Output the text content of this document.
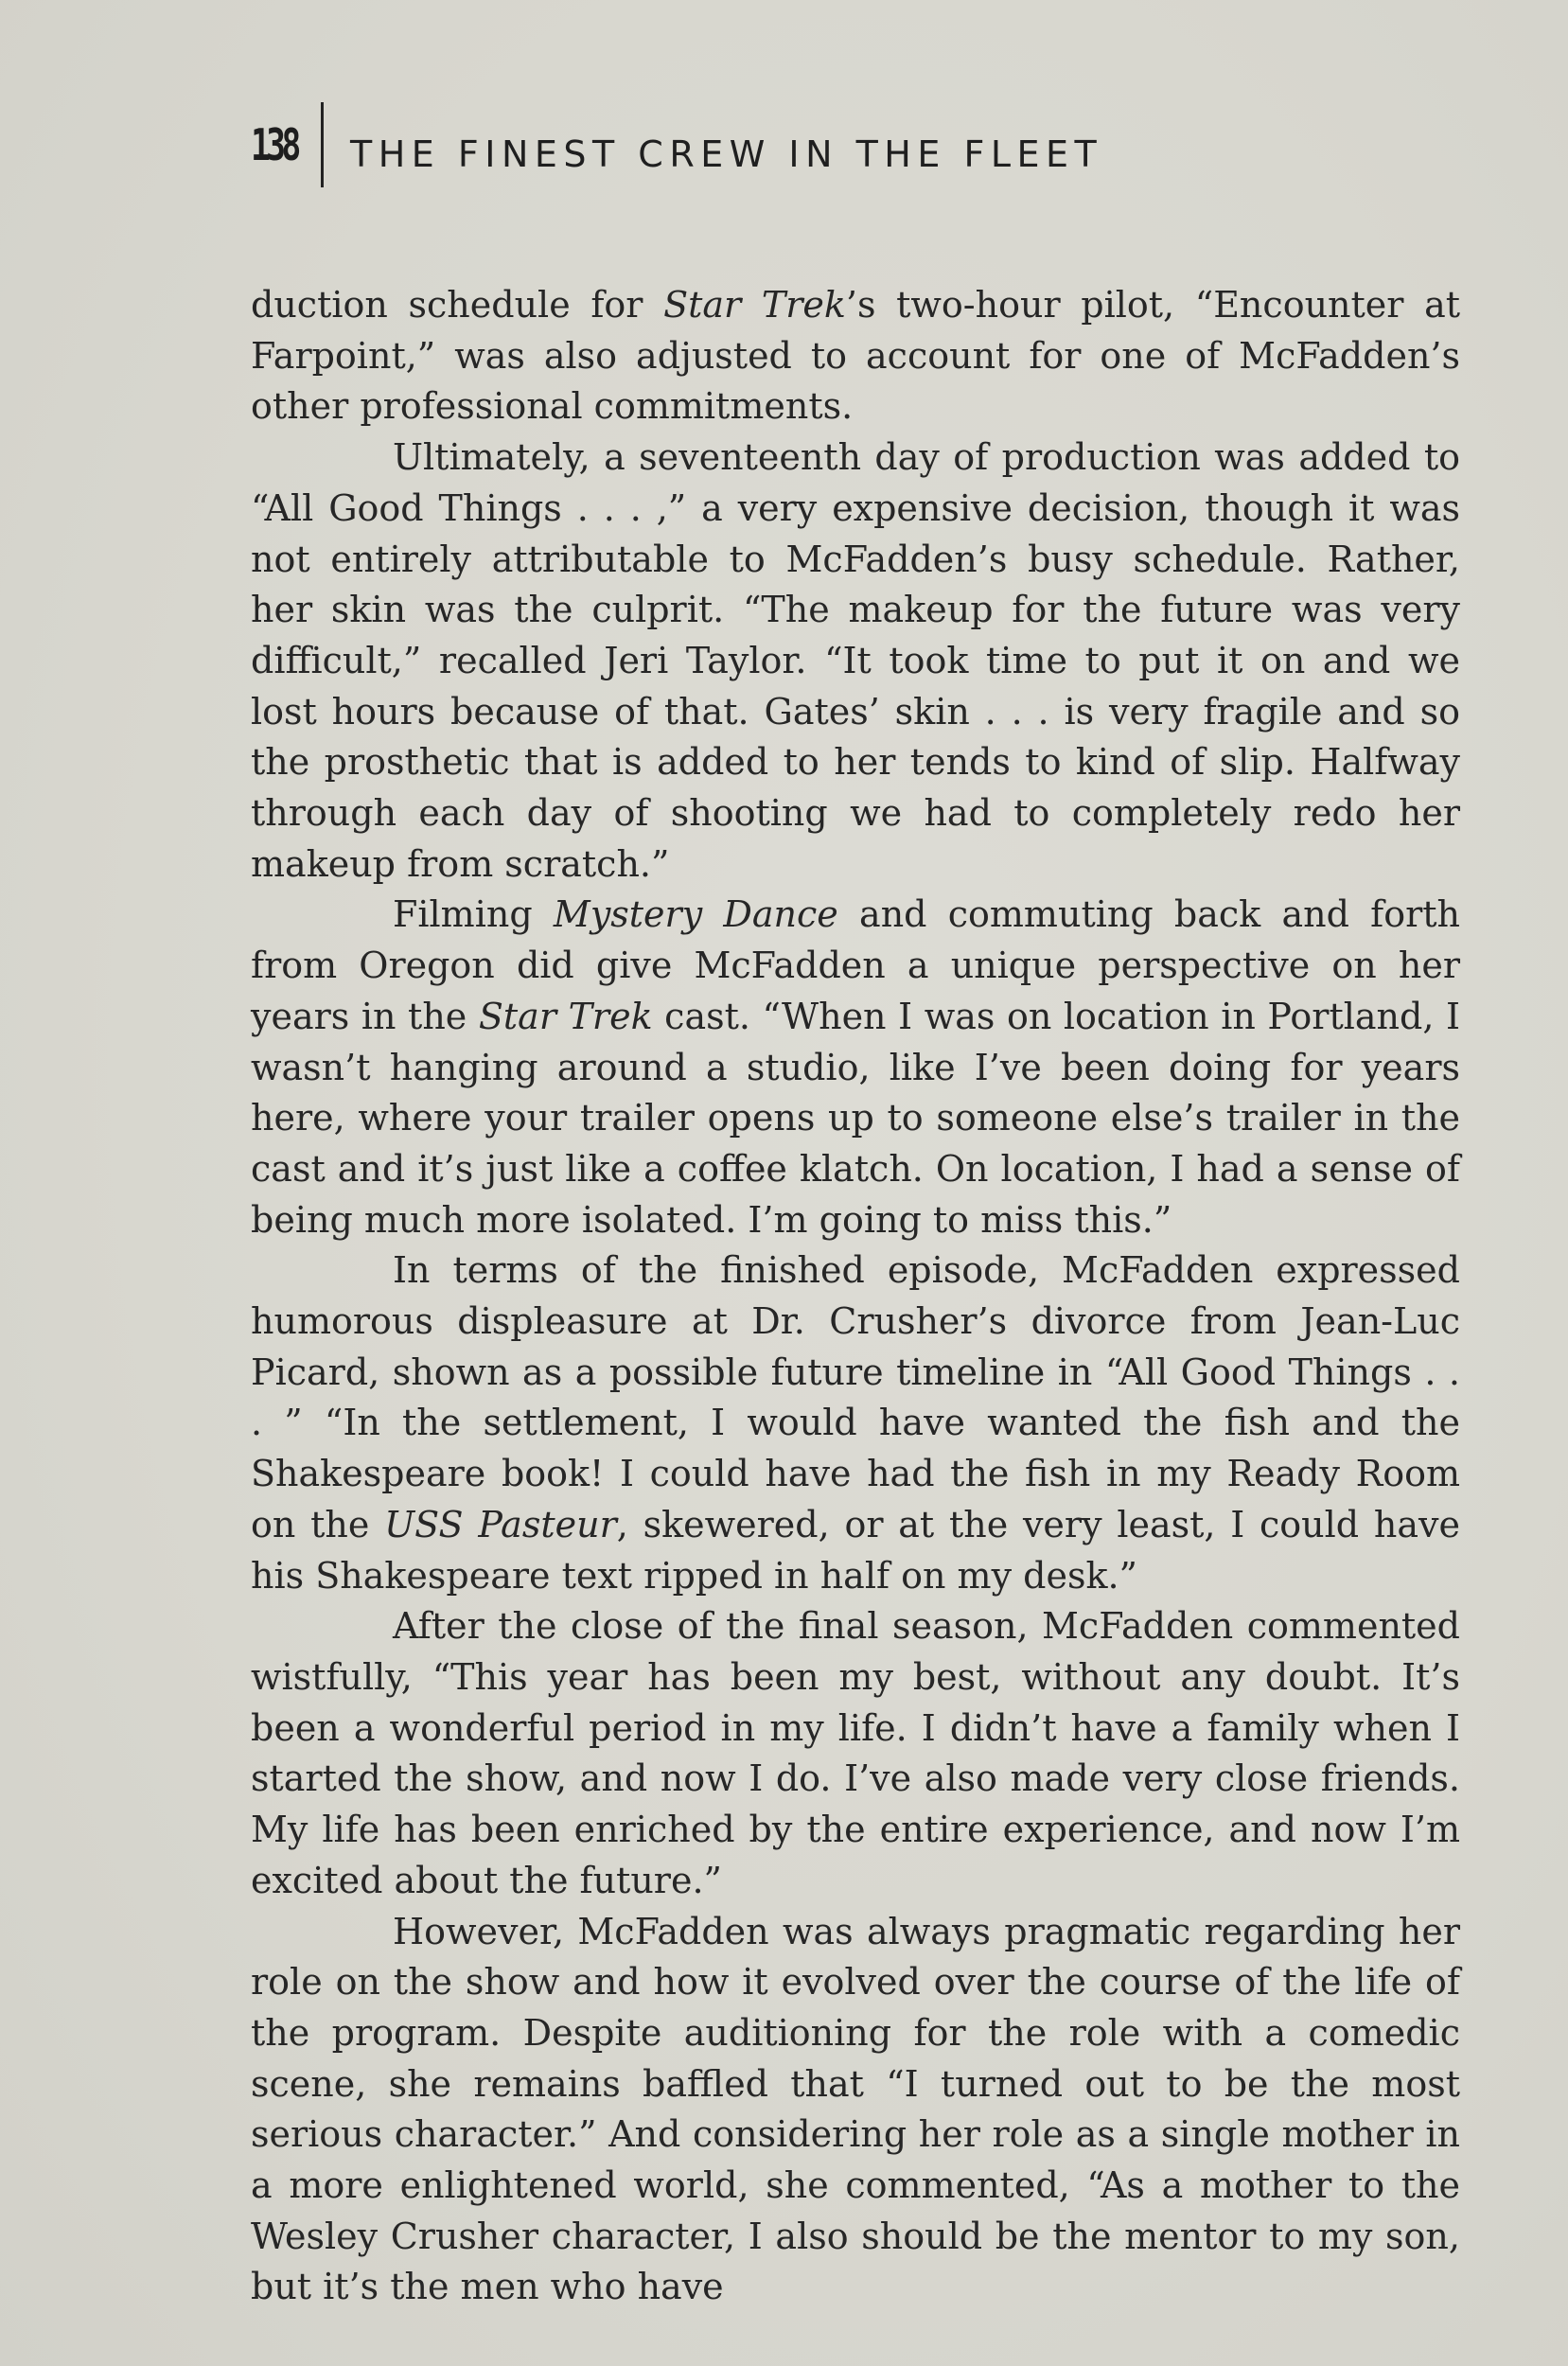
138 THE FINEST CREW IN THE FLEET

duction schedule for Star Trek’s two-hour pilot, “Encounter at Farpoint,” was also adjusted to account for one of McFadden’s other professional commitments.

Ultimately, a seventeenth day of production was added to “All Good Things . . . ,” a very expensive decision, though it was not entirely attributable to McFadden’s busy schedule. Rather, her skin was the culprit. “The makeup for the future was very difficult,” recalled Jeri Taylor. “It took time to put it on and we lost hours because of that. Gates’ skin . . . is very fragile and so the prosthetic that is added to her tends to kind of slip. Halfway through each day of shooting we had to completely redo her makeup from scratch.”

Filming Mystery Dance and commuting back and forth from Oregon did give McFadden a unique perspective on her years in the Star Trek cast. “When I was on location in Portland, I wasn’t hanging around a studio, like I’ve been doing for years here, where your trailer opens up to someone else’s trailer in the cast and it’s just like a coffee klatch. On location, I had a sense of being much more isolated. I’m going to miss this.”

In terms of the finished episode, McFadden expressed humorous displeasure at Dr. Crusher’s divorce from Jean-Luc Picard, shown as a possible future timeline in “All Good Things . . . ” “In the settlement, I would have wanted the fish and the Shakespeare book! I could have had the fish in my Ready Room on the USS Pasteur, skewered, or at the very least, I could have his Shakespeare text ripped in half on my desk.”

After the close of the final season, McFadden commented wistfully, “This year has been my best, without any doubt. It’s been a wonderful period in my life. I didn’t have a family when I started the show, and now I do. I’ve also made very close friends. My life has been enriched by the entire experience, and now I’m excited about the future.”

However, McFadden was always pragmatic regarding her role on the show and how it evolved over the course of the life of the program. Despite auditioning for the role with a comedic scene, she remains baffled that “I turned out to be the most serious character.” And considering her role as a single mother in a more enlightened world, she commented, “As a mother to the Wesley Crusher character, I also should be the mentor to my son, but it’s the men who have
